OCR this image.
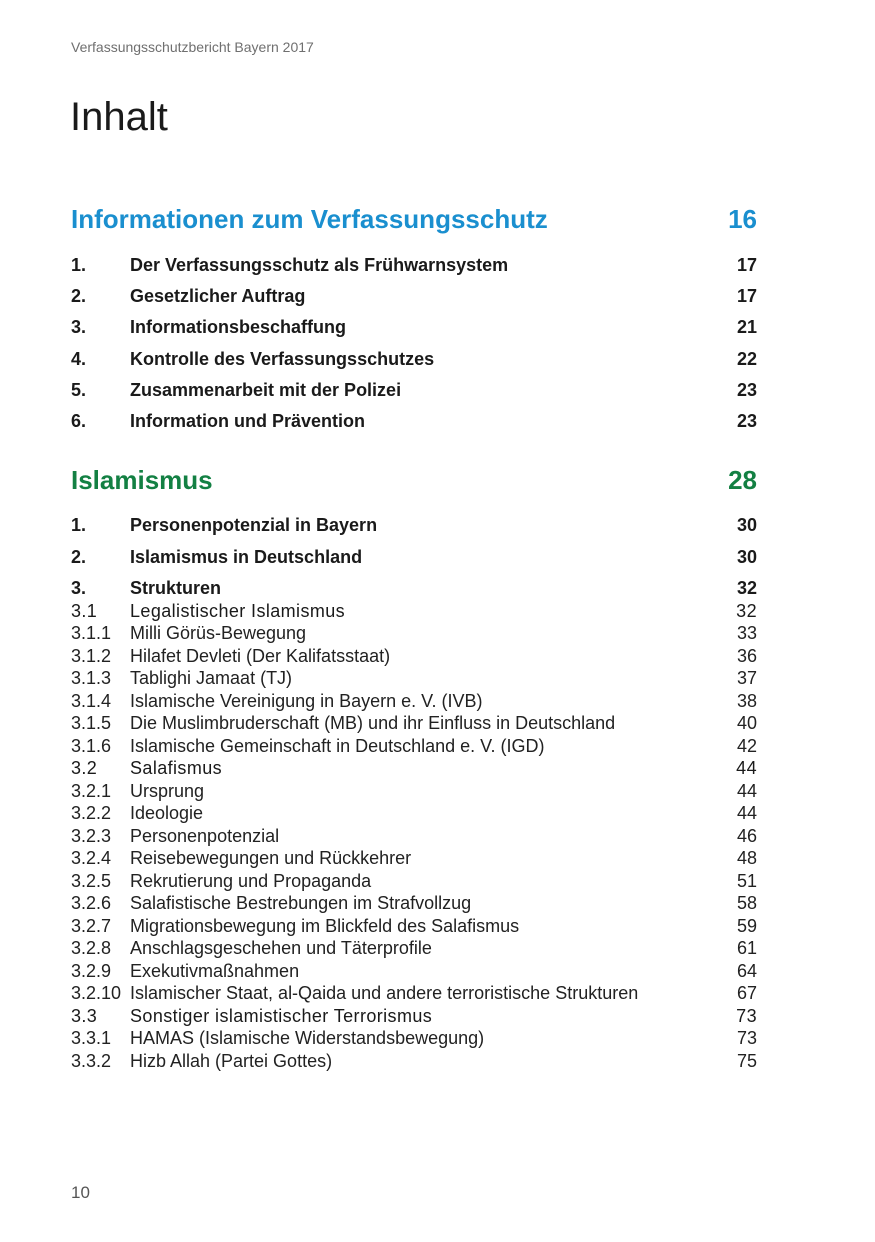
Verfassungsschutzbericht Bayern 2017
Inhalt
Informationen zum Verfassungsschutz	16
1. Der Verfassungsschutz als Frühwarnsystem	17
2. Gesetzlicher Auftrag	17
3. Informationsbeschaffung	21
4. Kontrolle des Verfassungsschutzes	22
5. Zusammenarbeit mit der Polizei	23
6. Information und Prävention	23
Islamismus	28
1. Personenpotenzial in Bayern	30
2. Islamismus in Deutschland	30
3. Strukturen	32
3.1 Legalistischer Islamismus	32
3.1.1 Milli Görüs-Bewegung	33
3.1.2 Hilafet Devleti (Der Kalifatsstaat)	36
3.1.3 Tablighi Jamaat (TJ)	37
3.1.4 Islamische Vereinigung in Bayern e. V. (IVB)	38
3.1.5 Die Muslimbruderschaft (MB) und ihr Einfluss in Deutschland	40
3.1.6 Islamische Gemeinschaft in Deutschland e. V. (IGD)	42
3.2 Salafismus	44
3.2.1 Ursprung	44
3.2.2 Ideologie	44
3.2.3 Personenpotenzial	46
3.2.4 Reisebewegungen und Rückkehrer	48
3.2.5 Rekrutierung und Propaganda	51
3.2.6 Salafistische Bestrebungen im Strafvollzug	58
3.2.7 Migrationsbewegung im Blickfeld des Salafismus	59
3.2.8 Anschlagsgeschehen und Täterprofile	61
3.2.9 Exekutivmaßnahmen	64
3.2.10 Islamischer Staat, al-Qaida und andere terroristische Strukturen	67
3.3 Sonstiger islamistischer Terrorismus	73
3.3.1 HAMAS (Islamische Widerstandsbewegung)	73
3.3.2 Hizb Allah (Partei Gottes)	75
10
